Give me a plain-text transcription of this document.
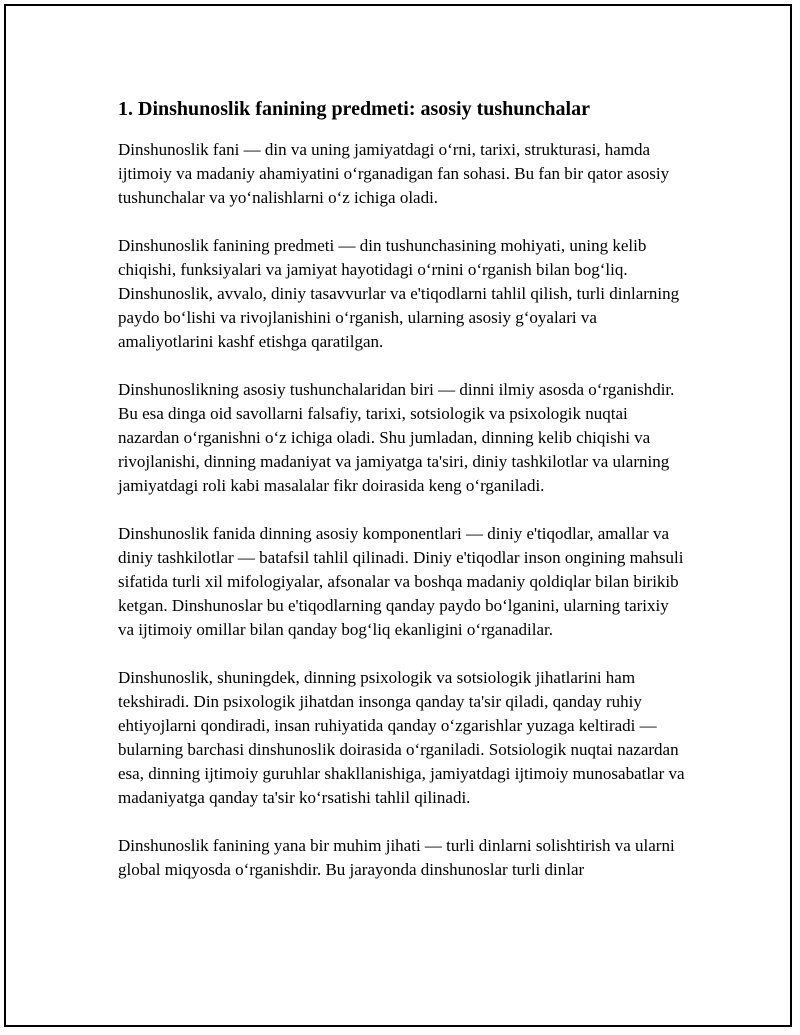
1. Dinshunoslik fanining predmeti: asosiy tushunchalar

Dinshunoslik fani — din va uning jamiyatdagi o‘rni, tarixi, strukturasi, hamda ijtimoiy va madaniy ahamiyatini o‘rganadigan fan sohasi. Bu fan bir qator asosiy tushunchalar va yo‘nalishlarni o‘z ichiga oladi.

Dinshunoslik fanining predmeti — din tushunchasining mohiyati, uning kelib chiqishi, funksiyalari va jamiyat hayotidagi o‘rnini o‘rganish bilan bog‘liq. Dinshunoslik, avvalo, diniy tasavvurlar va e'tiqodlarni tahlil qilish, turli dinlarning paydo bo‘lishi va rivojlanishini o‘rganish, ularning asosiy g‘oyalari va amaliyotlarini kashf etishga qaratilgan.

Dinshunoslikning asosiy tushunchalaridan biri — dinni ilmiy asosda o‘rganishdir. Bu esa dinga oid savollarni falsafiy, tarixi, sotsiologik va psixologik nuqtai nazardan o‘rganishni o‘z ichiga oladi. Shu jumladan, dinning kelib chiqishi va rivojlanishi, dinning madaniyat va jamiyatga ta'siri, diniy tashkilotlar va ularning jamiyatdagi roli kabi masalalar fikr doirasida keng o‘rganiladi.

Dinshunoslik fanida dinning asosiy komponentlari — diniy e'tiqodlar, amallar va diniy tashkilotlar — batafsil tahlil qilinadi. Diniy e'tiqodlar inson ongining mahsuli sifatida turli xil mifologiyalar, afsonalar va boshqa madaniy qoldiqlar bilan birikib ketgan. Dinshunoslar bu e'tiqodlarning qanday paydo bo‘lganini, ularning tarixiy va ijtimoiy omillar bilan qanday bog‘liq ekanligini o‘rganadilar.

Dinshunoslik, shuningdek, dinning psixologik va sotsiologik jihatlarini ham tekshiradi. Din psixologik jihatdan insonga qanday ta'sir qiladi, qanday ruhiy ehtiyojlarni qondiradi, insan ruhiyatida qanday o‘zgarishlar yuzaga keltiradi — bularning barchasi dinshunoslik doirasida o‘rganiladi. Sotsiologik nuqtai nazardan esa, dinning ijtimoiy guruhlar shakllanishiga, jamiyatdagi ijtimoiy munosabatlar va madaniyatga qanday ta'sir ko‘rsatishi tahlil qilinadi.

Dinshunoslik fanining yana bir muhim jihati — turli dinlarni solishtirish va ularni global miqyosda o‘rganishdir. Bu jarayonda dinshunoslar turli dinlar
